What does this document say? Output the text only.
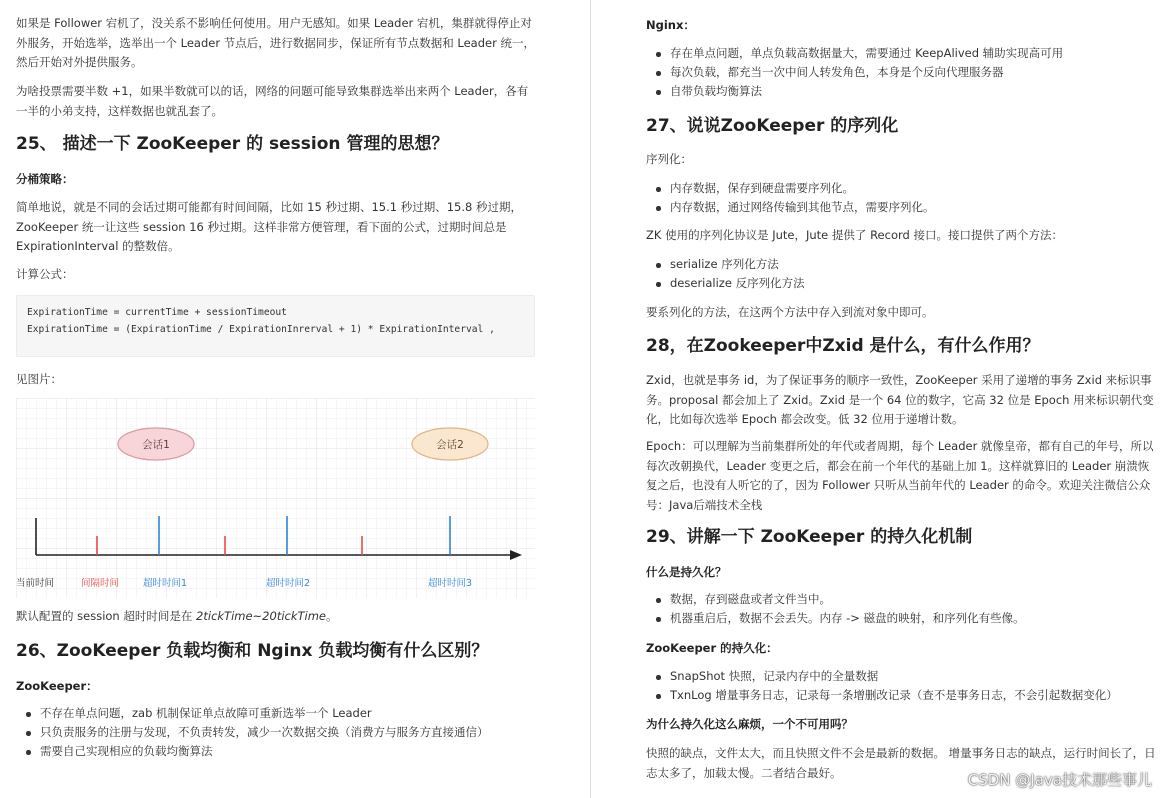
如果是 Follower 宕机了，没关系不影响任何使用。用户无感知。如果 Leader 宕机，集群就得停止对外服务，开始选举，选举出一个 Leader 节点后，进行数据同步，保证所有节点数据和 Leader 统一，然后开始对外提供服务。
为啥投票需要半数 +1，如果半数就可以的话，网络的问题可能导致集群选举出来两个 Leader，各有一半的小弟支持，这样数据也就乱套了。
25、 描述一下 ZooKeeper 的 session 管理的思想？
分桶策略：
简单地说，就是不同的会话过期可能都有时间间隔，比如 15 秒过期、15.1 秒过期、15.8 秒过期，ZooKeeper 统一让这些 session 16 秒过期。这样非常方便管理，看下面的公式，过期时间总是 ExpirationInterval 的整数倍。
计算公式：
ExpirationTime = currentTime + sessionTimeout
ExpirationTime = (ExpirationTime / ExpirationInrerval + 1) * ExpirationInterval ,
见图片：
会话1	会话2
当前时间	间隔时间	超时时间1	超时时间2	超时时间3
默认配置的 session 超时时间是在 2tickTime~20tickTime。
26、ZooKeeper 负载均衡和 Nginx 负载均衡有什么区别？
ZooKeeper：
不存在单点问题，zab 机制保证单点故障可重新选举一个 Leader
只负责服务的注册与发现，不负责转发，减少一次数据交换（消费方与服务方直接通信）
需要自己实现相应的负载均衡算法
Nginx：
存在单点问题，单点负载高数据量大，需要通过 KeepAlived 辅助实现高可用
每次负载，都充当一次中间人转发角色，本身是个反向代理服务器
自带负载均衡算法
27、说说ZooKeeper 的序列化
序列化：
内存数据，保存到硬盘需要序列化。
内存数据，通过网络传输到其他节点，需要序列化。
ZK 使用的序列化协议是 Jute，Jute 提供了 Record 接口。接口提供了两个方法：
serialize 序列化方法
deserialize 反序列化方法
要系列化的方法，在这两个方法中存入到流对象中即可。
28，在Zookeeper中Zxid 是什么，有什么作用？
Zxid，也就是事务 id，为了保证事务的顺序一致性，ZooKeeper 采用了递增的事务 Zxid 来标识事务。proposal 都会加上了 Zxid。Zxid 是一个 64 位的数字，它高 32 位是 Epoch 用来标识朝代变化，比如每次选举 Epoch 都会改变。低 32 位用于递增计数。
Epoch：可以理解为当前集群所处的年代或者周期，每个 Leader 就像皇帝，都有自己的年号，所以每次改朝换代，Leader 变更之后，都会在前一个年代的基础上加 1。这样就算旧的 Leader 崩溃恢复之后，也没有人听它的了，因为 Follower 只听从当前年代的 Leader 的命令。欢迎关注微信公众号：Java后端技术全栈
29、讲解一下 ZooKeeper 的持久化机制
什么是持久化？
数据，存到磁盘或者文件当中。
机器重启后，数据不会丢失。内存 -> 磁盘的映射，和序列化有些像。
ZooKeeper 的持久化：
SnapShot 快照，记录内存中的全量数据
TxnLog 增量事务日志，记录每一条增删改记录（查不是事务日志，不会引起数据变化）
为什么持久化这么麻烦，一个不可用吗？
快照的缺点，文件太大，而且快照文件不会是最新的数据。 增量事务日志的缺点，运行时间长了，日志太多了，加载太慢。二者结合最好。	CSDN @Java技术那些事儿
